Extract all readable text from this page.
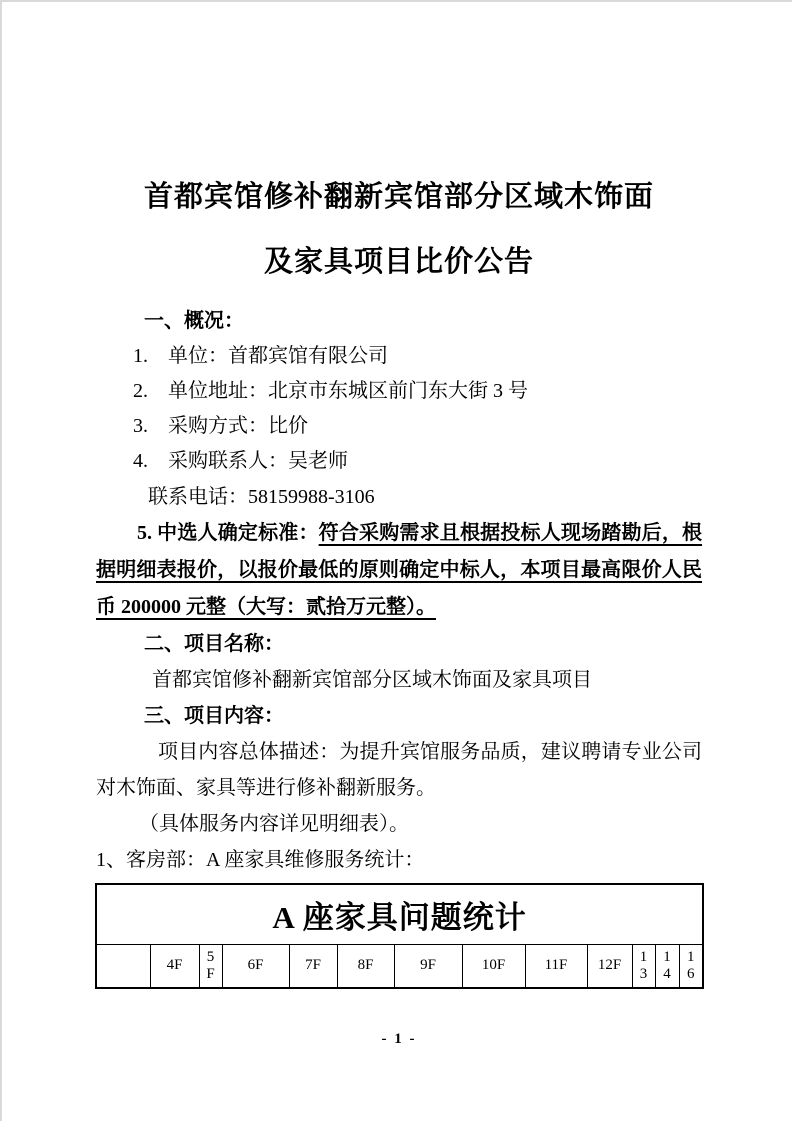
首都宾馆修补翻新宾馆部分区域木饰面
及家具项目比价公告
一、概况：
1.	单位：首都宾馆有限公司
2.	单位地址：北京市东城区前门东大街 3 号
3.	采购方式：比价
4.	采购联系人：吴老师
联系电话：58159988-3106

5. 中选人确定标准：符合采购需求且根据投标人现场踏勘后，根据明细表报价，以报价最低的原则确定中标人，本项目最高限价人民币 200000 元整（大写：贰拾万元整）。

二、项目名称：
首都宾馆修补翻新宾馆部分区域木饰面及家具项目
三、项目内容：

项目内容总体描述：为提升宾馆服务品质，建议聘请专业公司对木饰面、家具等进行修补翻新服务。

（具体服务内容详见明细表）。
1、客房部：A 座家具维修服务统计：
A 座家具问题统计
	4F	5F	6F	7F	8F	9F	10F	11F	12F	13	14	16
- 1 -
